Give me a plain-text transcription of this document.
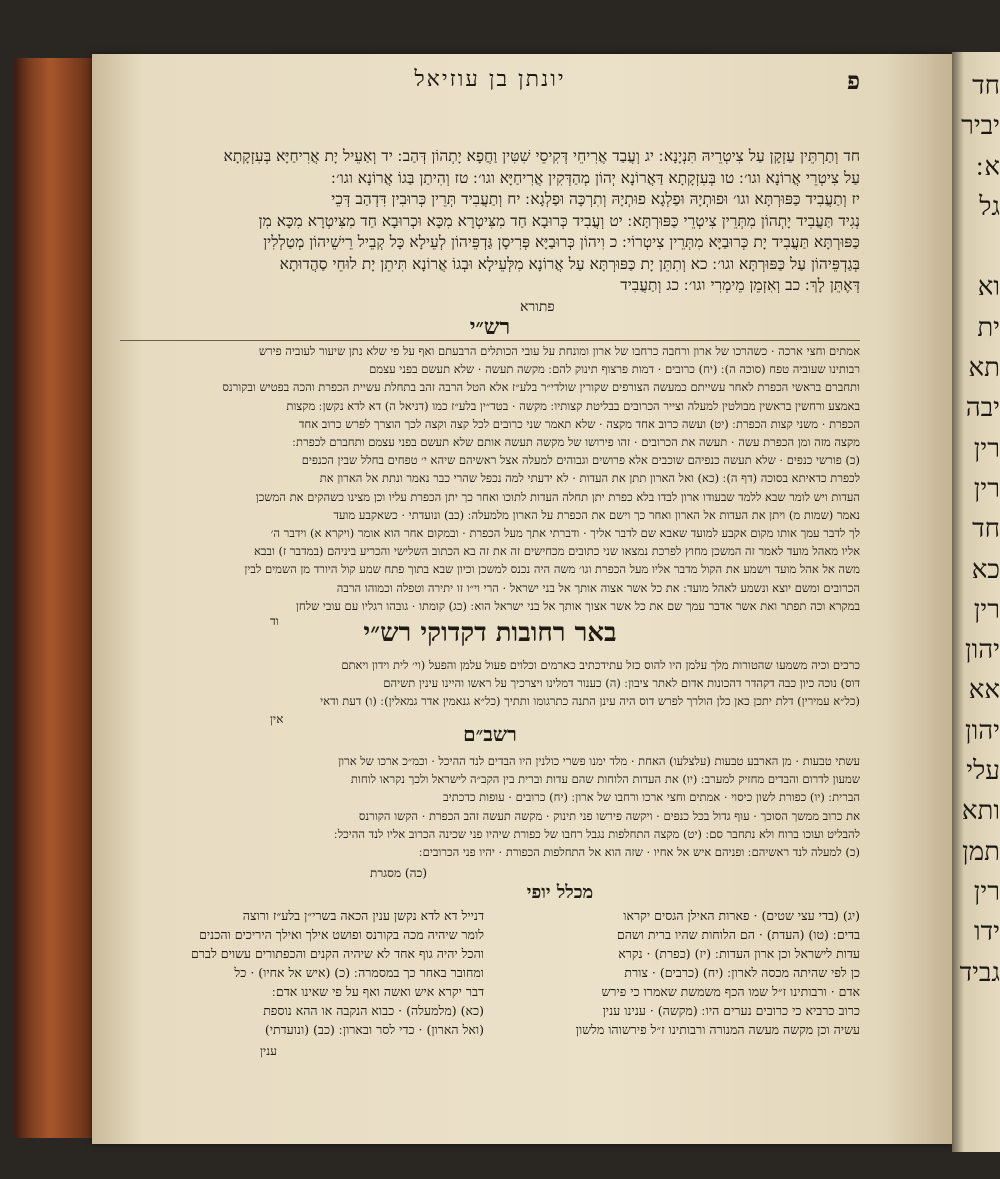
חד
יביר
א ׃
גל
וא
ית
תא
יבה
רין
רין
חד
כא
רין
יהון
אא
יהון
עלי
ותא
תמן
רין
ידו
גביד
פ
יונתן בן עוזיאל
חד וְתַרְתֵּין עַזְקָן עַל צִיטְרֵיהּ תִּנְיָנָא ׃ יג וְעֲבַד אֲרִיחֵי דְּקִיסֵי שִׁטִּין וַחֲפָא יָתְהוֹן דְּהַב ׃ יד וְאַעֵיל יָת אֲרִיחַיָּא בְּעִזְקָתָא
עַל צִיטְרֵי אֲרוֹנָא וגו׳ ׃ טו בְּעִזְקָתָא דַּאֲרוֹנָא יְהוֹן מְהַדְּקִין אֲרִיחַיָּא וגו׳ ׃ טז וְהִיתַן בַּגוֹ אֲרוֹנָא וגו׳ ׃
יז וְתַעֲבִיד כַּפּוּרְתָּא וגו׳ וּפוּתְיָהּ וּפַלְגָא פוּתְיָהּ וְתִרְכָּה וּפַלְגָא ׃ יח וְתַעֲבִיד תְּרֵין כְּרוּבִין דִּדְהַב דְּכֵי
נְגִיד תַּעֲבִיד יָתְהוֹן מִתְּרֵין צִיטְרֵי כַּפּוּרְתָּא ׃ יט וְעֲבִיד כְּרוּבָא חַד מִצִּיטְרָא מִכָּא וּכְרוּבָא חַד מִצִּיטְרָא מִכָּא מִן
כַּפּוּרְתָּא תַּעֲבִיד יָת כְּרוּבַיָּא מִתְּרֵין צִיטְרוֹי ׃ כ וִיהוֹן כְּרוּבַיָּא פְּרִיסָן גַּדְפֵּיהוֹן לְעֵילָא כָּל קְבֵיל רֵישֵׁיהוֹן מְטַלְלִין
בְּגַדְפֵּיהוֹן עַל כַּפּוּרְתָּא וגו׳ ׃ כא וְתִתֵּן יָת כַּפּוּרְתָּא עַל אֲרוֹנָא מִלְּעֵילָא וּבְגוֹ אֲרוֹנָא תִּיתֵן יָת לוּחֵי סַהֲדוּתָא
דְּאֶתֵּן לָךְ ׃ כב וְאִזְמֵן מֵימְרִי וגו׳ ׃ כג וְתַעֲבִיד
פתורא
רש״י
אמתים וחצי ארכה · כשהרכו של ארון ורחבה כרחבו של ארון ומונחת על עובי הכותלים הרבעתם ואף על פי שלא נתן שיעור לעוביה פירש
רבותינו שעוביה טפח (סוכה ה) ׃ (יח) כרובים · דמות פרצוף תינוק להם ׃ מקשה תעשה · שלא תעשם בפני עצמם
ותחברם בראשי הכפרת לאחר עשייתם כמעשה הצורפים שקורין שולדי״ר בלע״ז אלא הטל הרבה זהב בתחלת עשיית הכפרת והכה בפטיש ובקורנס
באמצע ורחשין בראשין מבולטין למעלה וצייר הכרובים בבליטת קצותיו ׃ מקשה · בטד״ין בלע״ז כמו (דניאל ה) דא לדא נקשן ׃ מקצות
הכפרת · משני קצות הכפרת ׃ (יט) ועשה כרוב אחד מקצה · שלא תאמר שני כרובים לכל קצה וקצה לכך הוצרך לפרש כרוב אחד
מקצה מזה ומן הכפרת עשה · תעשה את הכרובים · זהו פירושו של מקשה תעשה אותם שלא תעשם בפני עצמם ותחברם לכפרת ׃
(כ) פורשי כנפים · שלא תעשה כנפיהם שוכבים אלא פרושים וגבוהים למעלה אצל ראשיהם שיהא י׳ טפחים בחלל שבין הכנפים
לכפרת כדאיתא בסוכה (דף ה) ׃ (כא) ואל הארון תתן את העדות · לא ידעתי למה נכפל שהרי כבר נאמר ונתת אל הארון את
העדות ויש לומר שבא ללמד שבעודו ארון לבדו בלא כפרת יתן תחלה העדות לתוכו ואחר כך יתן הכפרת עליו וכן מצינו כשהקים את המשכן
נאמר (שמות מ) ויתן את העדות אל הארון ואחר כך וישם את הכפרת על הארון מלמעלה ׃ (כב) ונועדתי · כשאקבע מועד
לך לדבר עמך אותו מקום אקבע למועד שאבא שם לדבר אליך · ודברתי אתך מעל הכפרת · ובמקום אחר הוא אומר (ויקרא א) וידבר ה׳
אליו מאהל מועד לאמר זה המשכן מחוץ לפרכת נמצאו שני כתובים מכחישים זה את זה בא הכתוב השלישי והכריע ביניהם (במדבר ז) ובבא
משה אל אהל מועד וישמע את הקול מדבר אליו מעל הכפרת וגו׳ משה היה נכנס למשכן וכיון שבא בתוך פתח שמע קול היורד מן השמים לבין
הכרובים ומשם יוצא ונשמע לאהל מועד ׃ את כל אשר אצוה אותך אל בני ישראל · הרי וי״ו זו יתירה וטפלה וכמוהו הרבה
במקרא וכה תפתר ואת אשר אדבר עמך שם את כל אשר אצוך אותך אל בני ישראל הוא ׃ (כג) קומתו · גובהו רגליו עם עובי שלחן
וד	באר רחובות דקדוקי רש״י
כרכים וכיה משמעו שהטורות מלך עלמן היו להוס כזל עתידכתיב כארמים וכלוים פעול עלמן והפעל (וי׳ לית וידון ויאתם
דוס) נוכה כיון כבה דקהדר דהכונות אדום לאתר ציבון ׃ (ה) כענור דמלינו ויצרכיך על ראשו והיינו עינין תשיהם
(כל״א עמירין) דלת יתכן כאן כלן הולרך לפרש דוס היה עינן התנה כתרגומו ותתיך (כל״א גנאמין אדר גמאלין) ׃ (ו) דעת ודאי
אין
רשב״ם
עשתי טבעות · מן הארבע טבעות (עלצלעו) האחת · מלד ימנו פשרי כולנין היו הבדים לנד ההיכל · וכמ״כ ארכו של ארון
שמעון לדרום והבדים מחזיק למערב ׃ (יו) את העדות הלוחות שהם עדות וברית בין הקב״ה לישראל ולכך נקראו לוחות
הברית ׃ (יו) כפורת לשון כיסוי · אמתים וחצי ארכו ורחבו של ארון ׃ (יח) כרובים · עופות כדכתיב
את כרוב ממשך הסוכך · עוף גדול בכל כנפים · ויקשה פירשו פני תינוק · מקשה תעשה זהב הכפרת · הקשו הקורנס
להבליט ועוכו ברוח ולא נתחבר סם ׃ (יט) מקצה התחלפות נגבל רחבו של כפורת שיהיו פני שכינה הכרוב אליו לנד ההיכל ׃
(כ) למעלה לנד ראשיהם ׃ ופניהם איש אל אחיו · שזה הוא אל התחלפות הכפורת · יהיו פני הכרובים ׃
(כה) מסגרת
מכלל יופי
(יג) (בדי עצי שטים) · פארות האילן הגסים יקראו
בדים ׃ (טו) (העדת) · הם הלוחות שהיו ברית ושהם
עדות לישראל וכן ארון העדות ׃ (יז) (כפרת) · נקרא
כן לפי שהיתה מכסה לארון ׃ (יח) (כרבים) · צורת
אדם · ורבותינו ז״ל שמו הכף משמשת שאמרו כי פירש
כרוב כרביא כי כרובים נערים היו ׃ (מקשה) · ענינו ענין
עשיה וכן מקשה מעשה המנורה ורבותינו ז״ל פירשוהו מלשון
דנייל דא לדא נקשן ענין הכאה בשרי״ן בלע״ז ורוצה
לומר שיהיה מכה בקורנס ופושט אילך ואילך היריכים והכנים
והכל יהיה גוף אחד לא שיהיה הקנים והכפתורים עשוים לברם
ומחובר באחר כך במסמרה ׃ (כ) (איש אל אחיו) · כל
דבר יקרא איש ואשה ואף על פי שאינו אדם ׃
(כא) (מלמעלה) · כבוא הנקבה או ההא נוספת
(ואל הארון) · כדי לסר ובארון ׃ (כב) (ונועדתי)
ענין
